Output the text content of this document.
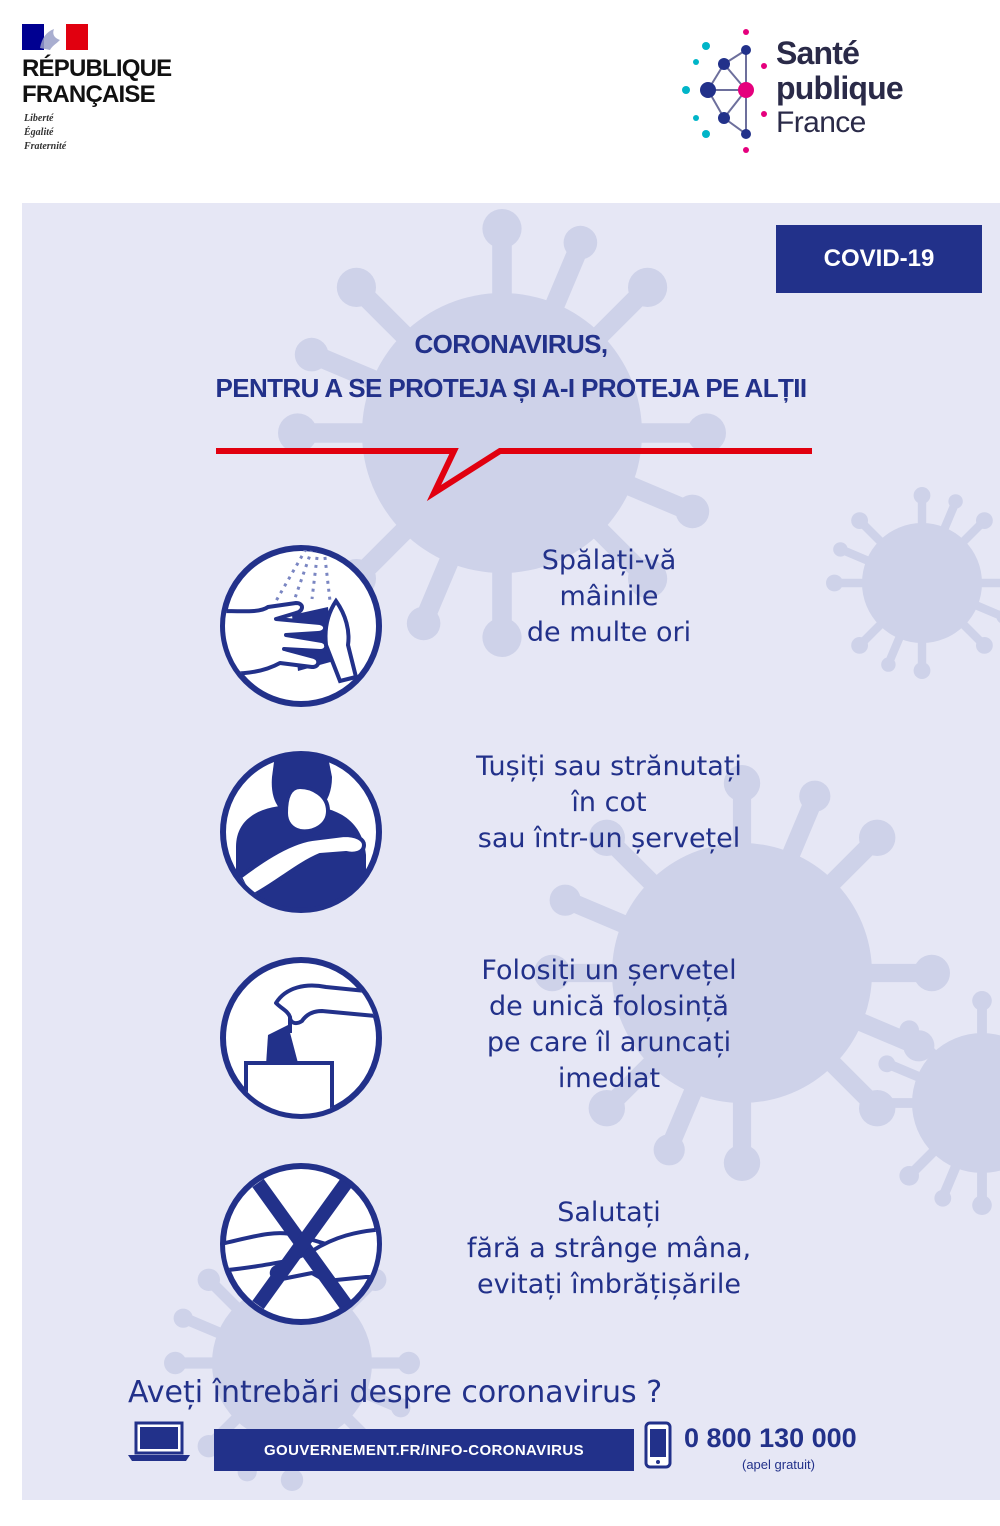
RÉPUBLIQUE
FRANÇAISE
Liberté
Égalité
Fraternité
Santé
publique
France
COVID-19
CORONAVIRUS,
PENTRU A SE PROTEJA ȘI A-I PROTEJA PE ALȚII
Spălați-vă
mâinile
de multe ori
Tușiți sau strănutați
în cot
sau într-un șervețel
Folosiți un șervețel
de unică folosință
pe care îl aruncați
imediat
Salutați
fără a strânge mâna,
evitați îmbrățișările
Aveți întrebări despre coronavirus ?
GOUVERNEMENT.FR/INFO-CORONAVIRUS	0 800 130 000
(apel gratuit)
